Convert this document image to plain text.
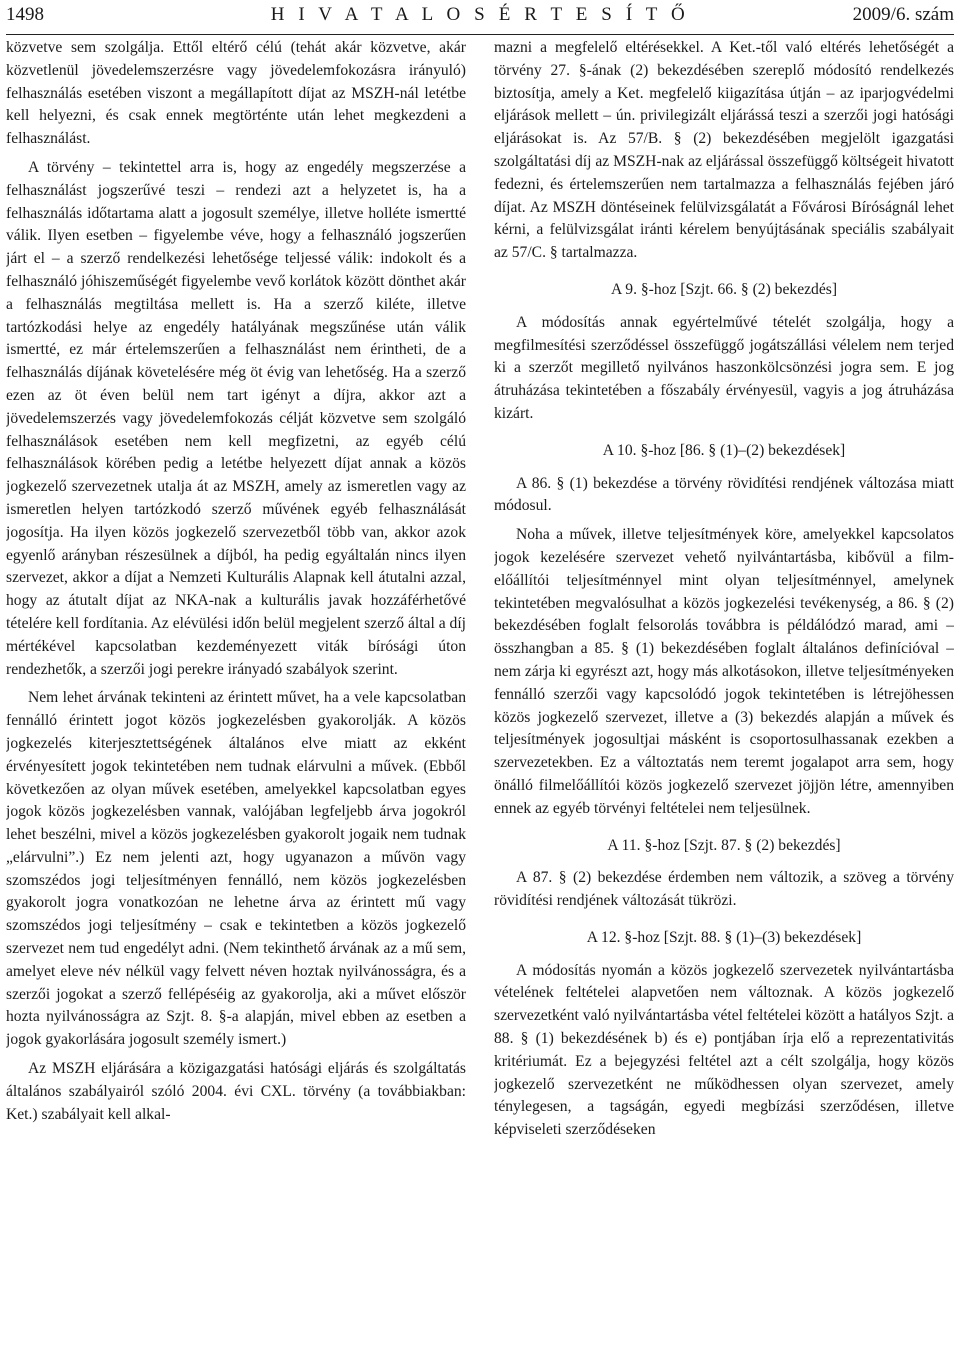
1498	H I V A T A L O S É R T E S Í T Ő	2009/6. szám

közvetve sem szolgálja. Ettől eltérő célú (tehát akár közvetve, akár közvetlenül jövedelemszerzésre vagy jövedelemfokozásra irányuló) felhasználás esetében viszont a megállapított díjat az MSZH-nál letétbe kell helyezni, és csak ennek megtörténte után lehet megkezdeni a felhasználást.

A törvény – tekintettel arra is, hogy az engedély megszerzése a felhasználást jogszerűvé teszi – rendezi azt a helyzetet is, ha a felhasználás időtartama alatt a jogosult személye, illetve holléte ismertté válik. Ilyen esetben – figyelembe véve, hogy a felhasználó jogszerűen járt el – a szerző rendelkezési lehetősége teljessé válik: indokolt és a felhasználó jóhiszeműségét figyelembe vevő korlátok között dönthet akár a felhasználás megtiltása mellett is. Ha a szerző kiléte, illetve tartózkodási helye az engedély hatályának megszűnése után válik ismertté, ez már értelemszerűen a felhasználást nem érintheti, de a felhasználás díjának követelésére még öt évig van lehetőség. Ha a szerző ezen az öt éven belül nem tart igényt a díjra, akkor azt a jövedelemszerzés vagy jövedelemfokozás célját közvetve sem szolgáló felhasználások esetében nem kell megfizetni, az egyéb célú felhasználások körében pedig a letétbe helyezett díjat annak a közös jogkezelő szervezetnek utalja át az MSZH, amely az ismeretlen vagy az ismeretlen helyen tartózkodó szerző művének egyéb felhasználását jogosítja. Ha ilyen közös jogkezelő szervezetből több van, akkor azok egyenlő arányban részesülnek a díjból, ha pedig egyáltalán nincs ilyen szervezet, akkor a díjat a Nemzeti Kulturális Alapnak kell átutalni azzal, hogy az átutalt díjat az NKA-nak a kulturális javak hozzáférhetővé tételére kell fordítania. Az elévülési időn belül megjelent szerző által a díj mértékével kapcsolatban kezdeményezett viták bírósági úton rendezhetők, a szerzői jogi perekre irányadó szabályok szerint.

Nem lehet árvának tekinteni az érintett művet, ha a vele kapcsolatban fennálló érintett jogot közös jogkezelésben gyakorolják. A közös jogkezelés kiterjesztettségének általános elve miatt az ekként érvényesített jogok tekintetében nem tudnak elárvulni a művek. (Ebből következően az olyan művek esetében, amelyekkel kapcsolatban egyes jogok közös jogkezelésben vannak, valójában legfeljebb árva jogokról lehet beszélni, mivel a közös jogkezelésben gyakorolt jogaik nem tudnak „elárvulni”.) Ez nem jelenti azt, hogy ugyanazon a művön vagy szomszédos jogi teljesítményen fennálló, nem közös jogkezelésben gyakorolt jogra vonatkozóan ne lehetne árva az érintett mű vagy szomszédos jogi teljesítmény – csak e tekintetben a közös jogkezelő szervezet nem tud engedélyt adni. (Nem tekinthető árvának az a mű sem, amelyet eleve név nélkül vagy felvett néven hoztak nyilvánosságra, és a szerzői jogokat a szerző fellépéséig az gyakorolja, aki a művet először hozta nyilvánosságra az Szjt. 8. §-a alapján, mivel ebben az esetben a jogok gyakorlására jogosult személy ismert.)

Az MSZH eljárására a közigazgatási hatósági eljárás és szolgáltatás általános szabályairól szóló 2004. évi CXL. törvény (a továbbiakban: Ket.) szabályait kell alkal-

mazni a megfelelő eltérésekkel. A Ket.-től való eltérés lehetőségét a törvény 27. §-ának (2) bekezdésében szereplő módosító rendelkezés biztosítja, amely a Ket. megfelelő kiigazítása útján – az iparjogvédelmi eljárások mellett – ún. privilegizált eljárássá teszi a szerzői jogi hatósági eljárásokat is. Az 57/B. § (2) bekezdésében megjelölt igazgatási szolgáltatási díj az MSZH-nak az eljárással összefüggő költségeit hivatott fedezni, és értelemszerűen nem tartalmazza a felhasználás fejében járó díjat. Az MSZH döntéseinek felülvizsgálatát a Fővárosi Bíróságnál lehet kérni, a felülvizsgálat iránti kérelem benyújtásának speciális szabályait az 57/C. § tartalmazza.

A 9. §-hoz [Szjt. 66. § (2) bekezdés]

A módosítás annak egyértelművé tételét szolgálja, hogy a megfilmesítési szerződéssel összefüggő jogátszállási vélelem nem terjed ki a szerzőt megillető nyilvános haszonkölcsönzési jogra sem. E jog átruházása tekintetében a főszabály érvényesül, vagyis a jog átruházása kizárt.

A 10. §-hoz [86. § (1)–(2) bekezdések]

A 86. § (1) bekezdése a törvény rövidítési rendjének változása miatt módosul.

Noha a művek, illetve teljesítmények köre, amelyekkel kapcsolatos jogok kezelésére szervezet vehető nyilvántartásba, kibővül a film-előállítói teljesítménnyel mint olyan teljesítménnyel, amelynek tekintetében megvalósulhat a közös jogkezelési tevékenység, a 86. § (2) bekezdésében foglalt felsorolás továbbra is példálódzó marad, ami – összhangban a 85. § (1) bekezdésében foglalt általános definícióval – nem zárja ki egyrészt azt, hogy más alkotásokon, illetve teljesítményeken fennálló szerzői vagy kapcsolódó jogok tekintetében is létrejöhessen közös jogkezelő szervezet, illetve a (3) bekezdés alapján a művek és teljesítmények jogosultjai másként is csoportosulhassanak ezekben a szervezetekben. Ez a változtatás nem teremt jogalapot arra sem, hogy önálló filmelőállítói közös jogkezelő szervezet jöjjön létre, amennyiben ennek az egyéb törvényi feltételei nem teljesülnek.

A 11. §-hoz [Szjt. 87. § (2) bekezdés]

A 87. § (2) bekezdése érdemben nem változik, a szöveg a törvény rövidítési rendjének változását tükrözi.

A 12. §-hoz [Szjt. 88. § (1)–(3) bekezdések]

A módosítás nyomán a közös jogkezelő szervezetek nyilvántartásba vételének feltételei alapvetően nem változnak. A közös jogkezelő szervezetként való nyilvántartásba vétel feltételei között a hatályos Szjt. a 88. § (1) bekezdésének b) és e) pontjában írja elő a reprezentativitás kritériumát. Ez a bejegyzési feltétel azt a célt szolgálja, hogy közös jogkezelő szervezetként ne működhessen olyan szervezet, amely ténylegesen, a tagságán, egyedi megbízási szerződésen, illetve képviseleti szerződéseken
